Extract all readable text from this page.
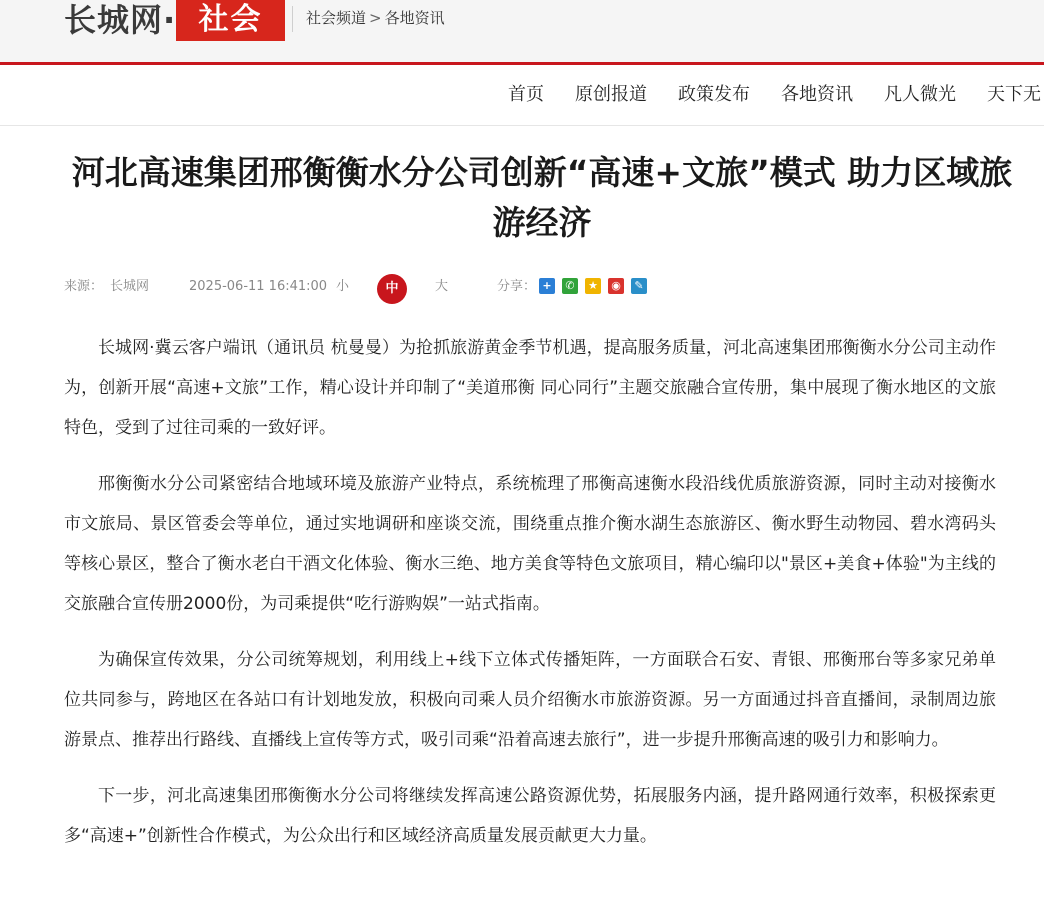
长城网· 社会	社会频道 > 各地资讯
首页 原创报道 政策发布 各地资讯 凡人微光 天下无
河北高速集团邢衡衡水分公司创新“高速+文旅”模式 助力区域旅游经济
来源： 长城网	2025-06-11 16:41:00 小	中	大	分享： +	✆	★ ◉	✎

长城网·冀云客户端讯（通讯员 杭曼曼）为抢抓旅游黄金季节机遇，提高服务质量，河北高速集团邢衡衡水分公司主动作为，创新开展“高速+文旅”工作，精心设计并印制了“美道邢衡 同心同行”主题交旅融合宣传册，集中展现了衡水地区的文旅特色，受到了过往司乘的一致好评。

邢衡衡水分公司紧密结合地域环境及旅游产业特点，系统梳理了邢衡高速衡水段沿线优质旅游资源，同时主动对接衡水市文旅局、景区管委会等单位，通过实地调研和座谈交流，围绕重点推介衡水湖生态旅游区、衡水野生动物园、碧水湾码头等核心景区，整合了衡水老白干酒文化体验、衡水三绝、地方美食等特色文旅项目，精心编印以"景区+美食+体验"为主线的交旅融合宣传册2000份，为司乘提供“吃行游购娱”一站式指南。

为确保宣传效果，分公司统筹规划，利用线上+线下立体式传播矩阵，一方面联合石安、青银、邢衡邢台等多家兄弟单位共同参与，跨地区在各站口有计划地发放，积极向司乘人员介绍衡水市旅游资源。另一方面通过抖音直播间，录制周边旅游景点、推荐出行路线、直播线上宣传等方式，吸引司乘“沿着高速去旅行”，进一步提升邢衡高速的吸引力和影响力。

下一步，河北高速集团邢衡衡水分公司将继续发挥高速公路资源优势，拓展服务内涵，提升路网通行效率，积极探索更多“高速+”创新性合作模式，为公众出行和区域经济高质量发展贡献更大力量。
